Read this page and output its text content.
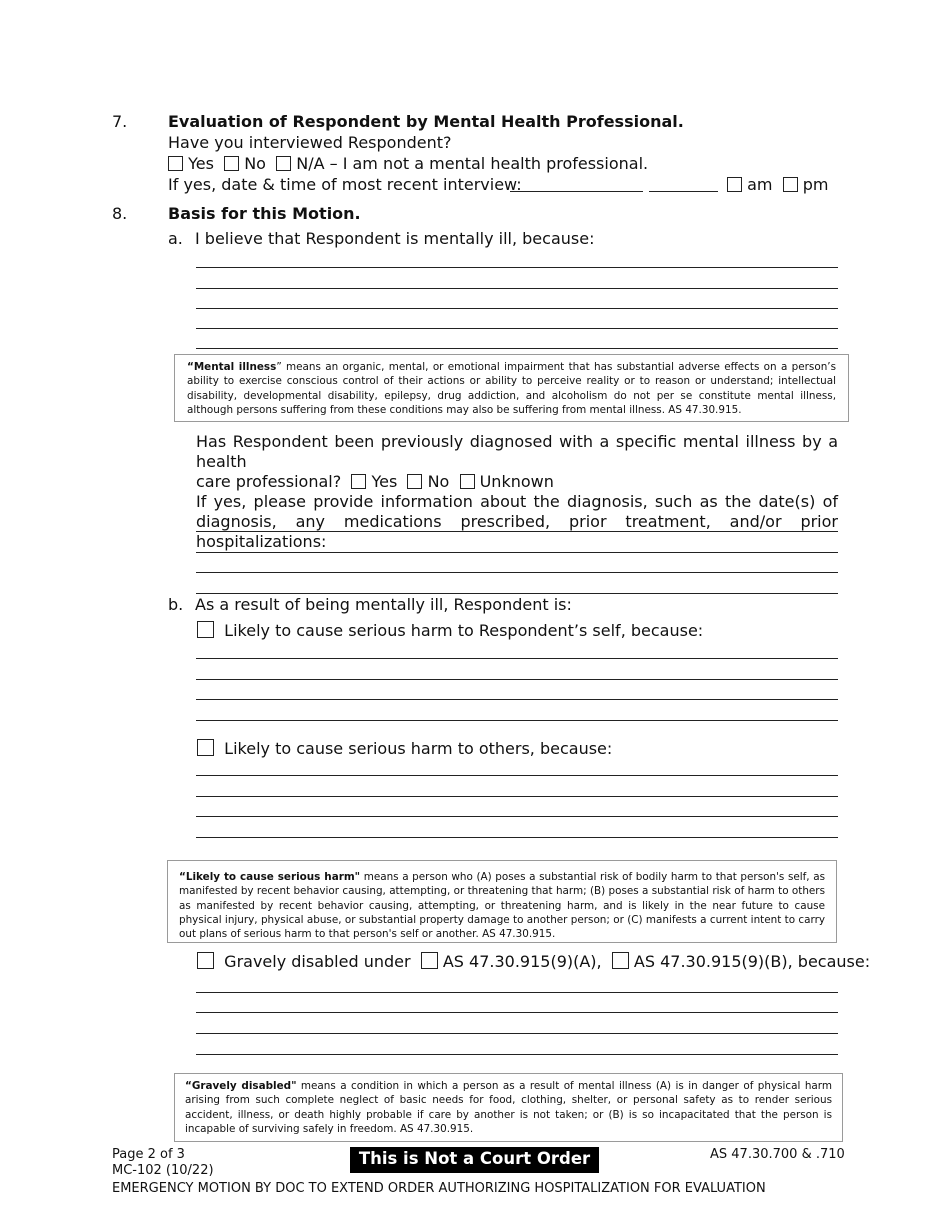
7.	Evaluation of Respondent by Mental Health Professional.
Have you interviewed Respondent?
Yes No N/A – I am not a mental health professional.
If yes, date & time of most recent interview:	am pm
8.	Basis for this Motion.
a. I believe that Respondent is mentally ill, because:
“Mental illness” means an organic, mental, or emotional impairment that has substantial adverse effects on a person’s ability to exercise conscious control of their actions or ability to perceive reality or to reason or understand; intellectual disability, developmental disability, epilepsy, drug addiction, and alcoholism do not per se constitute mental illness, although persons suffering from these conditions may also be suffering from mental illness. AS 47.30.915.
Has Respondent been previously diagnosed with a specific mental illness by a health
care professional? Yes No Unknown
If yes, please provide information about the diagnosis, such as the date(s) of
diagnosis, any medications prescribed, prior treatment, and/or prior hospitalizations:
b. As a result of being mentally ill, Respondent is:
Likely to cause serious harm to Respondent’s self, because:
Likely to cause serious harm to others, because:
“Likely to cause serious harm" means a person who (A) poses a substantial risk of bodily harm to that person's self, as manifested by recent behavior causing, attempting, or threatening that harm; (B) poses a substantial risk of harm to others as manifested by recent behavior causing, attempting, or threatening harm, and is likely in the near future to cause physical injury, physical abuse, or substantial property damage to another person; or (C) manifests a current intent to carry out plans of serious harm to that person's self or another. AS 47.30.915.
Gravely disabled under AS 47.30.915(9)(A), AS 47.30.915(9)(B), because:
“Gravely disabled" means a condition in which a person as a result of mental illness (A) is in danger of physical harm arising from such complete neglect of basic needs for food, clothing, shelter, or personal safety as to render serious accident, illness, or death highly probable if care by another is not taken; or (B) is so incapacitated that the person is incapable of surviving safely in freedom. AS 47.30.915.
Page 2 of 3
MC-102 (10/22)
This is Not a Court Order	AS 47.30.700 & .710
EMERGENCY MOTION BY DOC TO EXTEND ORDER AUTHORIZING HOSPITALIZATION FOR EVALUATION
